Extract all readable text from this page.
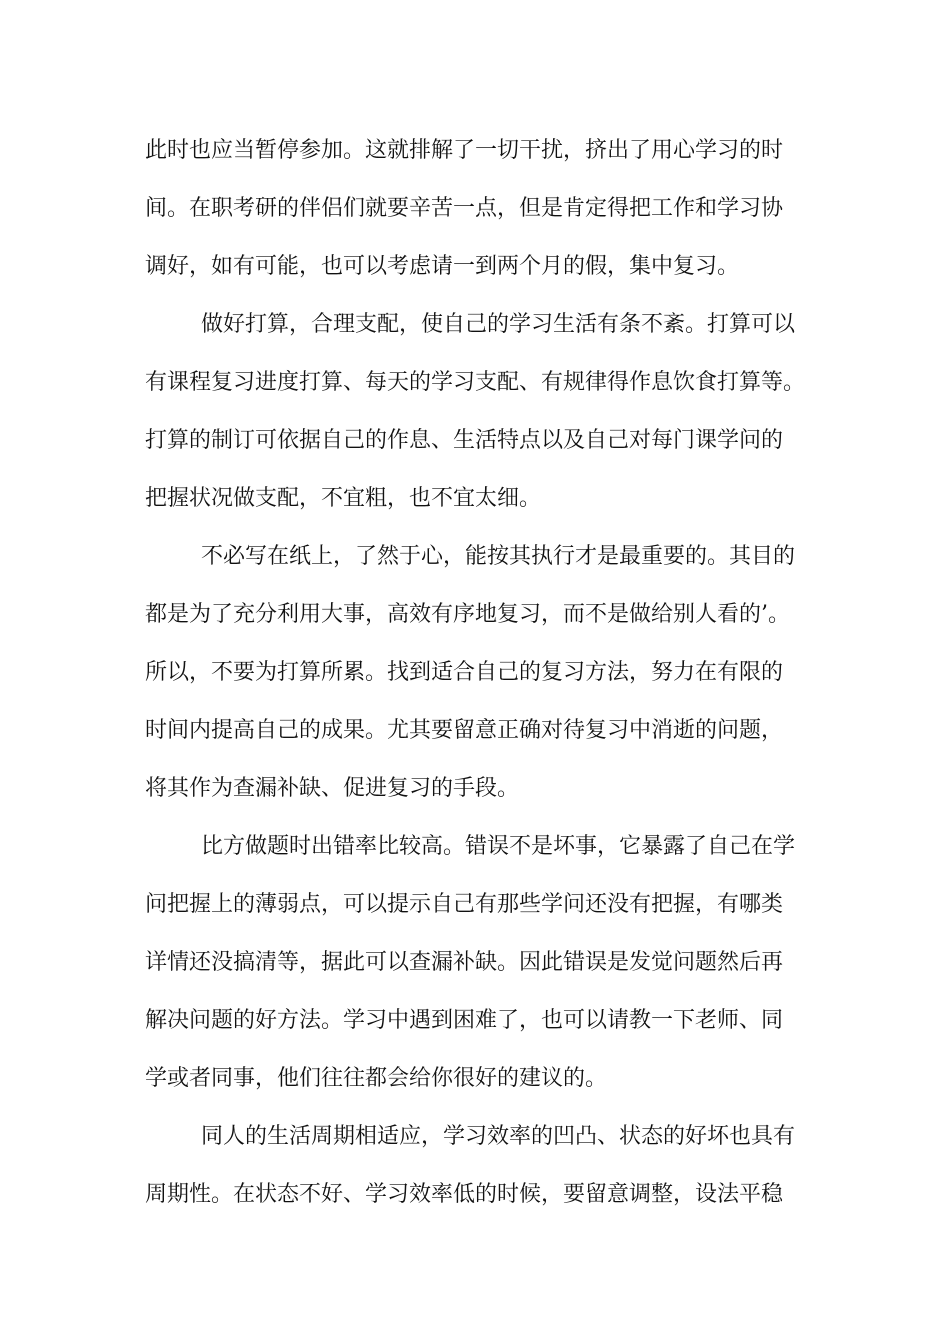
此时也应当暂停参加。这就排解了一切干扰，挤出了用心学习的时
间。在职考研的伴侣们就要辛苦一点，但是肯定得把工作和学习协
调好，如有可能，也可以考虑请一到两个月的假，集中复习。
做好打算，合理支配，使自己的学习生活有条不紊。打算可以
有课程复习进度打算、每天的学习支配、有规律得作息饮食打算等。
打算的制订可依据自己的作息、生活特点以及自己对每门课学问的
把握状况做支配，不宜粗，也不宜太细。
不必写在纸上，了然于心，能按其执行才是最重要的。其目的
都是为了充分利用大事，高效有序地复习，而不是做给别人看的’。
所以，不要为打算所累。找到适合自己的复习方法，努力在有限的
时间内提高自己的成果。尤其要留意正确对待复习中消逝的问题，
将其作为查漏补缺、促进复习的手段。
比方做题时出错率比较高。错误不是坏事，它暴露了自己在学
问把握上的薄弱点，可以提示自己有那些学问还没有把握，有哪类
详情还没搞清等，据此可以查漏补缺。因此错误是发觉问题然后再
解决问题的好方法。学习中遇到困难了，也可以请教一下老师、同
学或者同事，他们往往都会给你很好的建议的。
同人的生活周期相适应，学习效率的凹凸、状态的好坏也具有
周期性。在状态不好、学习效率低的时候，要留意调整，设法平稳
